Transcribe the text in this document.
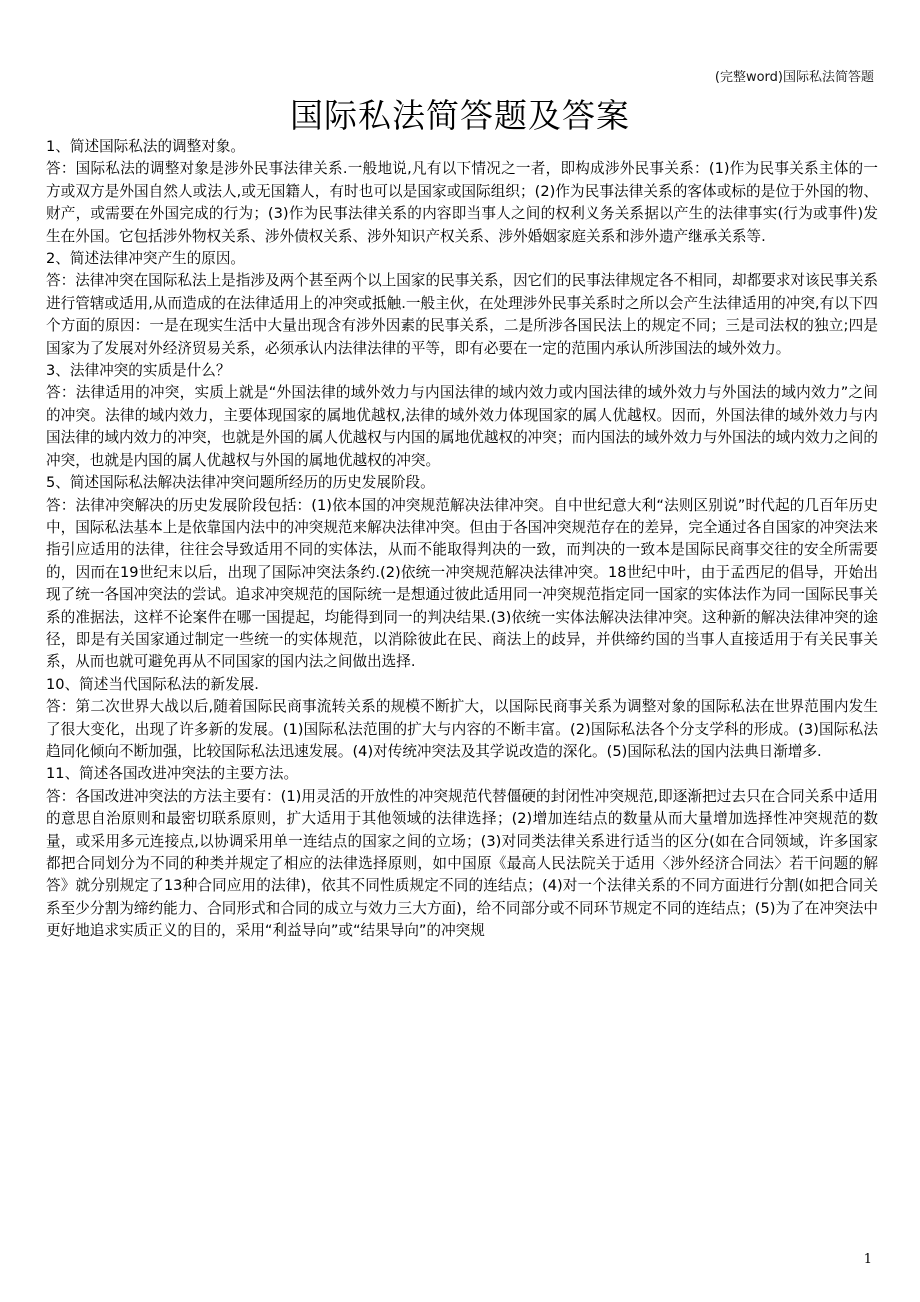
(完整word)国际私法简答题
国际私法简答题及答案

1、简述国际私法的调整对象。

答：国际私法的调整对象是涉外民事法律关系.一般地说,凡有以下情况之一者，即构成涉外民事关系：(1)作为民事关系主体的一方或双方是外国自然人或法人,或无国籍人，有时也可以是国家或国际组织；(2)作为民事法律关系的客体或标的是位于外国的物、财产，或需要在外国完成的行为；(3)作为民事法律关系的内容即当事人之间的权利义务关系据以产生的法律事实(行为或事件)发生在外国。它包括涉外物权关系、涉外债权关系、涉外知识产权关系、涉外婚姻家庭关系和涉外遗产继承关系等.

2、简述法律冲突产生的原因。

答：法律冲突在国际私法上是指涉及两个甚至两个以上国家的民事关系，因它们的民事法律规定各不相同，却都要求对该民事关系进行管辖或适用,从而造成的在法律适用上的冲突或抵触.一般主伙，在处理涉外民事关系时之所以会产生法律适用的冲突,有以下四个方面的原因：一是在现实生活中大量出现含有涉外因素的民事关系，二是所涉各国民法上的规定不同；三是司法权的独立;四是国家为了发展对外经济贸易关系，必须承认内法律法律的平等，即有必要在一定的范围内承认所涉国法的域外效力。

3、法律冲突的实质是什么？

答：法律适用的冲突，实质上就是“外国法律的域外效力与内国法律的域内效力或内国法律的域外效力与外国法的域内效力”之间的冲突。法律的域内效力，主要体现国家的属地优越权,法律的域外效力体现国家的属人优越权。因而，外国法律的域外效力与内国法律的域内效力的冲突，也就是外国的属人优越权与内国的属地优越权的冲突；而内国法的域外效力与外国法的域内效力之间的冲突，也就是内国的属人优越权与外国的属地优越权的冲突。

5、简述国际私法解决法律冲突问题所经历的历史发展阶段。

答：法律冲突解决的历史发展阶段包括：(1)依本国的冲突规范解决法律冲突。自中世纪意大利“法则区别说”时代起的几百年历史中，国际私法基本上是依靠国内法中的冲突规范来解决法律冲突。但由于各国冲突规范存在的差异，完全通过各自国家的冲突法来指引应适用的法律，往往会导致适用不同的实体法，从而不能取得判决的一致，而判决的一致本是国际民商事交往的安全所需要的，因而在19世纪末以后，出现了国际冲突法条约.(2)依统一冲突规范解决法律冲突。18世纪中叶，由于孟西尼的倡导，开始出现了统一各国冲突法的尝试。追求冲突规范的国际统一是想通过彼此适用同一冲突规范指定同一国家的实体法作为同一国际民事关系的准据法，这样不论案件在哪一国提起，均能得到同一的判决结果.(3)依统一实体法解决法律冲突。这种新的解决法律冲突的途径，即是有关国家通过制定一些统一的实体规范，以消除彼此在民、商法上的歧异，并供缔约国的当事人直接适用于有关民事关系，从而也就可避免再从不同国家的国内法之间做出选择.

10、简述当代国际私法的新发展.

答：第二次世界大战以后,随着国际民商事流转关系的规模不断扩大，以国际民商事关系为调整对象的国际私法在世界范围内发生了很大变化，出现了许多新的发展。(1)国际私法范围的扩大与内容的不断丰富。(2)国际私法各个分支学科的形成。(3)国际私法趋同化倾向不断加强，比较国际私法迅速发展。(4)对传统冲突法及其学说改造的深化。(5)国际私法的国内法典日渐增多.

11、简述各国改进冲突法的主要方法。

答：各国改进冲突法的方法主要有：(1)用灵活的开放性的冲突规范代替僵硬的封闭性冲突规范,即逐渐把过去只在合同关系中适用的意思自治原则和最密切联系原则，扩大适用于其他领域的法律选择；(2)增加连结点的数量从而大量增加选择性冲突规范的数量，或采用多元连接点,以协调采用单一连结点的国家之间的立场；(3)对同类法律关系进行适当的区分(如在合同领域，许多国家都把合同划分为不同的种类并规定了相应的法律选择原则，如中国原《最高人民法院关于适用〈涉外经济合同法〉若干问题的解答》就分别规定了13种合同应用的法律)，依其不同性质规定不同的连结点；(4)对一个法律关系的不同方面进行分割(如把合同关系至少分割为缔约能力、合同形式和合同的成立与效力三大方面)，给不同部分或不同环节规定不同的连结点；(5)为了在冲突法中更好地追求实质正义的目的，采用“利益导向”或“结果导向”的冲突规

1
